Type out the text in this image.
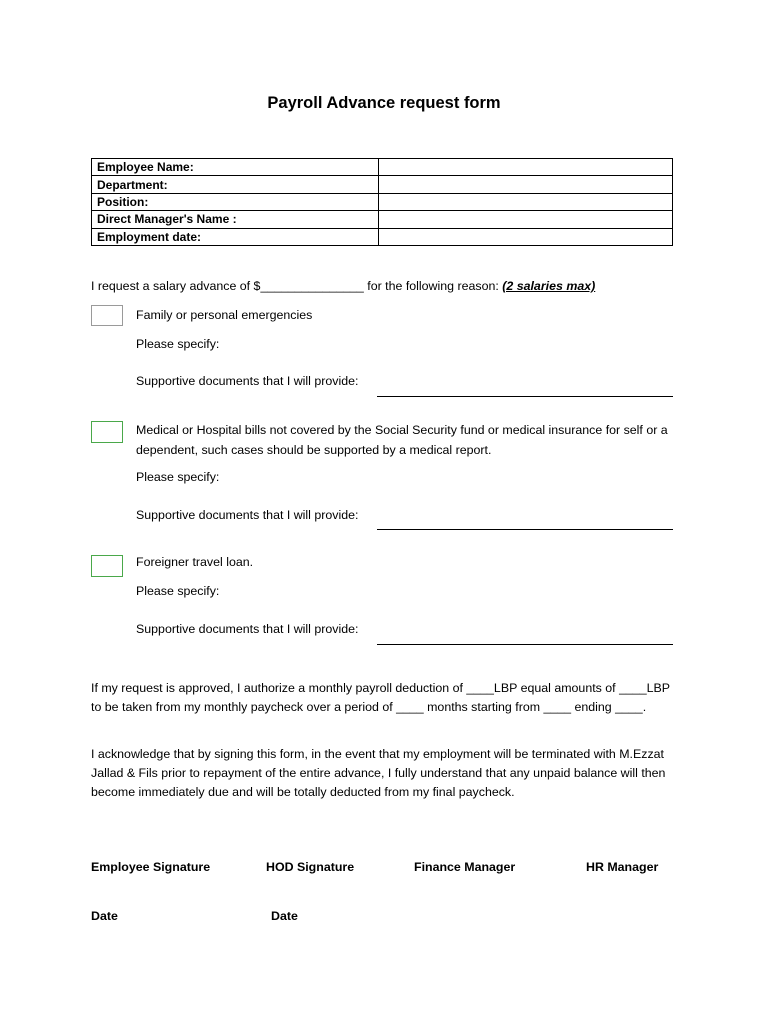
Payroll Advance request form
Employee Name:	
Department:	
Position:	
Direct Manager's Name :	
Employment date:	
I request a salary advance of $_______________ for the following reason: (2 salaries max)
Family or personal emergencies
Please specify:
Supportive documents that I will provide:
Medical or Hospital bills not covered by the Social Security fund or medical insurance for self or a dependent, such cases should be supported by a medical report.
Please specify:
Supportive documents that I will provide:
Foreigner travel loan.
Please specify:
Supportive documents that I will provide:
If my request is approved, I authorize a monthly payroll deduction of ____LBP equal amounts of ____LBP to be taken from my monthly paycheck over a period of ____ months starting from ____ ending ____.
I acknowledge that by signing this form, in the event that my employment will be terminated with M.Ezzat Jallad & Fils prior to repayment of the entire advance, I fully understand that any unpaid balance will then become immediately due and will be totally deducted from my final paycheck.
Employee Signature	HOD Signature	Finance Manager	HR Manager
Date	Date
